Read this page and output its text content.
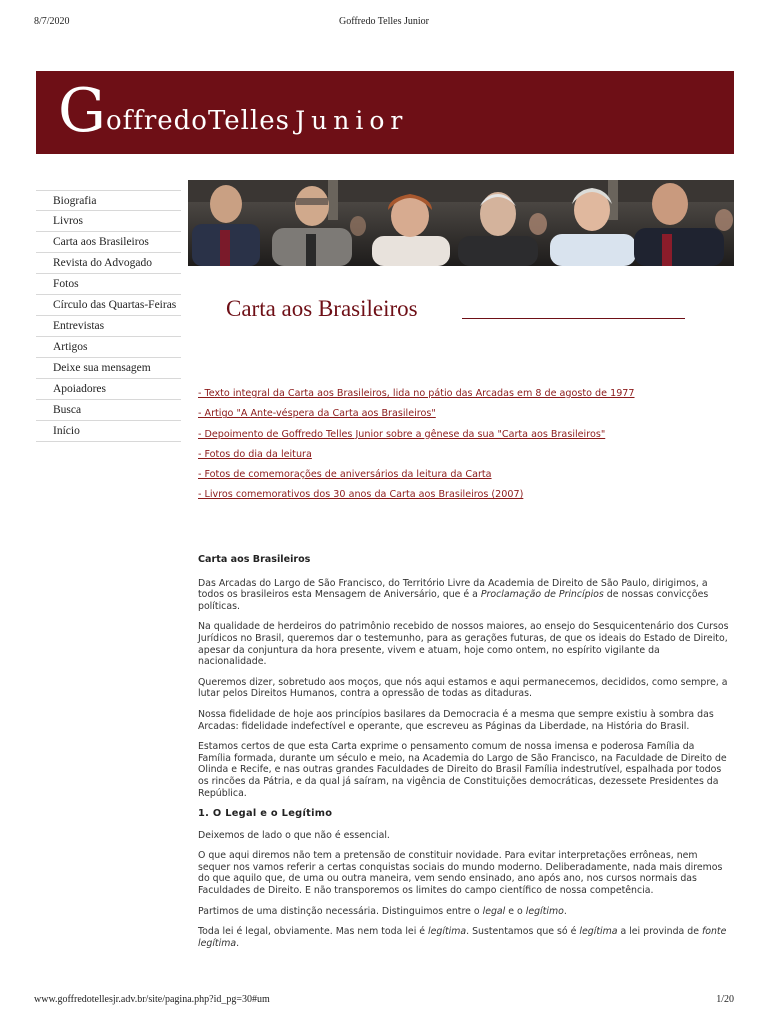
8/7/2020	Goffredo Telles Junior
GoffredoTelles Junior
Biografia
Livros
Carta aos Brasileiros
Revista do Advogado
Fotos
Círculo das Quartas-Feiras
Entrevistas
Artigos
Deixe sua mensagem
Apoiadores
Busca
Início
Carta aos Brasileiros
- Texto integral da Carta aos Brasileiros, lida no pátio das Arcadas em 8 de agosto de 1977
- Artigo "A Ante-véspera da Carta aos Brasileiros"
- Depoimento de Goffredo Telles Junior sobre a gênese da sua "Carta aos Brasileiros"
- Fotos do dia da leitura
- Fotos de comemorações de aniversários da leitura da Carta
- Livros comemorativos dos 30 anos da Carta aos Brasileiros (2007)
Carta aos Brasileiros

Das Arcadas do Largo de São Francisco, do Território Livre da Academia de Direito de São Paulo, dirigimos, a todos os brasileiros esta Mensagem de Aniversário, que é a Proclamação de Princípios de nossas convicções políticas.

Na qualidade de herdeiros do patrimônio recebido de nossos maiores, ao ensejo do Sesquicentenário dos Cursos Jurídicos no Brasil, queremos dar o testemunho, para as gerações futuras, de que os ideais do Estado de Direito, apesar da conjuntura da hora presente, vivem e atuam, hoje como ontem, no espírito vigilante da nacionalidade.

Queremos dizer, sobretudo aos moços, que nós aqui estamos e aqui permanecemos, decididos, como sempre, a lutar pelos Direitos Humanos, contra a opressão de todas as ditaduras.

Nossa fidelidade de hoje aos princípios basilares da Democracia é a mesma que sempre existiu à sombra das Arcadas: fidelidade indefectível e operante, que escreveu as Páginas da Liberdade, na História do Brasil.

Estamos certos de que esta Carta exprime o pensamento comum de nossa imensa e poderosa Família da Família formada, durante um século e meio, na Academia do Largo de São Francisco, na Faculdade de Direito de Olinda e Recife, e nas outras grandes Faculdades de Direito do Brasil Família indestrutível, espalhada por todos os rincões da Pátria, e da qual já saíram, na vigência de Constituições democráticas, dezessete Presidentes da República.

1. O Legal e o Legítimo

Deixemos de lado o que não é essencial.

O que aqui diremos não tem a pretensão de constituir novidade. Para evitar interpretações errôneas, nem sequer nos vamos referir a certas conquistas sociais do mundo moderno. Deliberadamente, nada mais diremos do que aquilo que, de uma ou outra maneira, vem sendo ensinado, ano após ano, nos cursos normais das Faculdades de Direito. E não transporemos os limites do campo científico de nossa competência.

Partimos de uma distinção necessária. Distinguimos entre o legal e o legítimo.

Toda lei é legal, obviamente. Mas nem toda lei é legítima. Sustentamos que só é legítima a lei provinda de fonte legítima.

www.goffredotellesjr.adv.br/site/pagina.php?id_pg=30#um	1/20
